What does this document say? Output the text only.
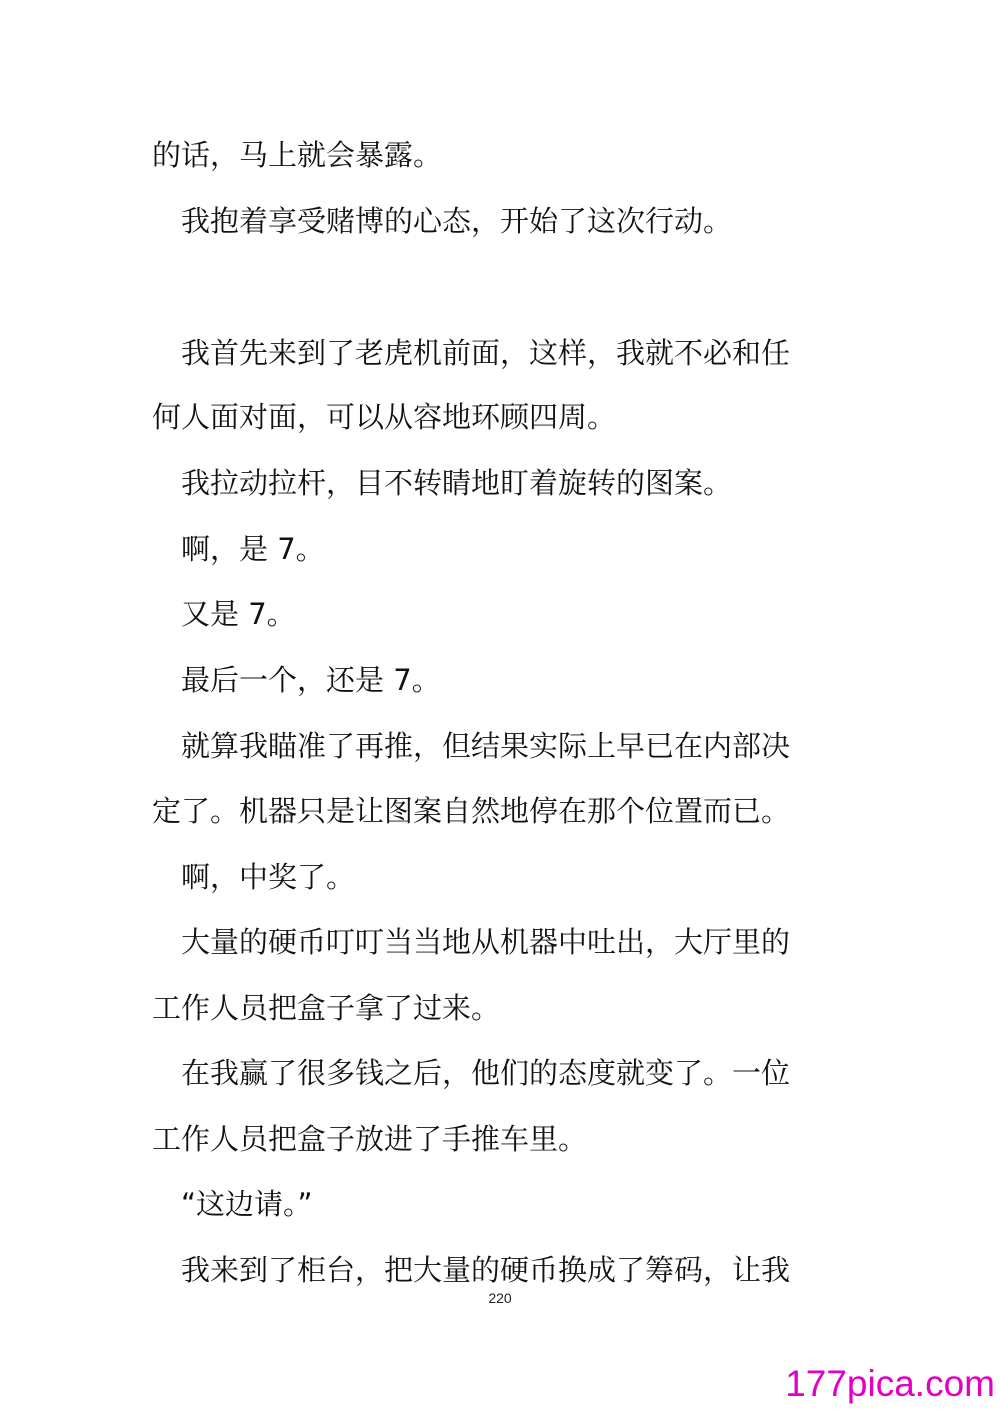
的话，马上就会暴露。

　我抱着享受赌博的心态，开始了这次行动。

　我首先来到了老虎机前面，这样，我就不必和任

何人面对面，可以从容地环顾四周。

　我拉动拉杆，目不转睛地盯着旋转的图案。

　啊，是 7。

　又是 7。

　最后一个，还是 7。

　就算我瞄准了再推，但结果实际上早已在内部决

定了。机器只是让图案自然地停在那个位置而已。

　啊，中奖了。

　大量的硬币叮叮当当地从机器中吐出，大厅里的

工作人员把盒子拿了过来。

　在我赢了很多钱之后，他们的态度就变了。一位

工作人员把盒子放进了手推车里。

　“这边请。”

　我来到了柜台，把大量的硬币换成了筹码，让我

220
177pica.com
